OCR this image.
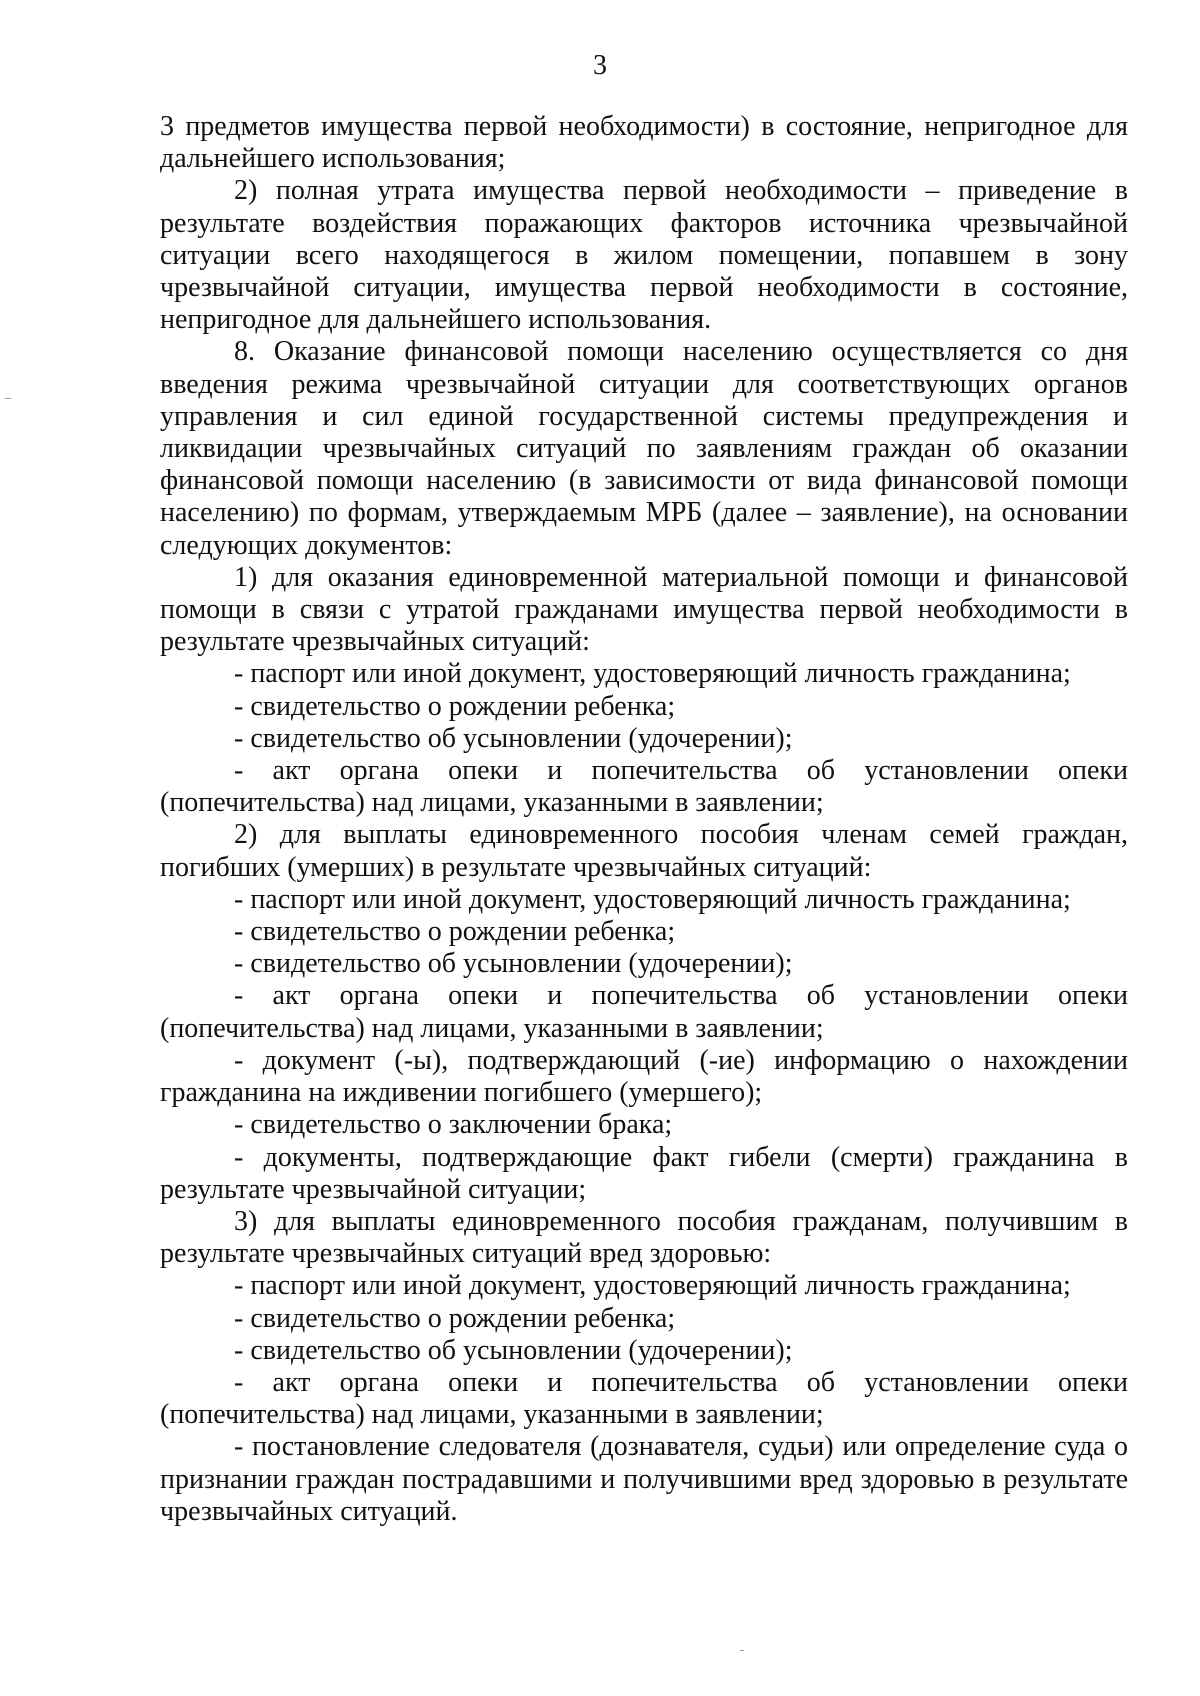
3

3 предметов имущества первой необходимости) в состояние, непригодное для дальнейшего использования;

2) полная утрата имущества первой необходимости – приведение в результате воздействия поражающих факторов источника чрезвычайной ситуации всего находящегося в жилом помещении, попавшем в зону чрезвычайной ситуации, имущества первой необходимости в состояние, непригодное для дальнейшего использования.

8. Оказание финансовой помощи населению осуществляется со дня введения режима чрезвычайной ситуации для соответствующих органов управления и сил единой государственной системы предупреждения и ликвидации чрезвычайных ситуаций по заявлениям граждан об оказании финансовой помощи населению (в зависимости от вида финансовой помощи населению) по формам, утверждаемым МРБ (далее – заявление), на основании следующих документов:

1) для оказания единовременной материальной помощи и финансовой помощи в связи с утратой гражданами имущества первой необходимости в результате чрезвычайных ситуаций:

- паспорт или иной документ, удостоверяющий личность гражданина;

- свидетельство о рождении ребенка;

- свидетельство об усыновлении (удочерении);

- акт органа опеки и попечительства об установлении опеки (попечительства) над лицами, указанными в заявлении;

2) для выплаты единовременного пособия членам семей граждан, погибших (умерших) в результате чрезвычайных ситуаций:

- паспорт или иной документ, удостоверяющий личность гражданина;

- свидетельство о рождении ребенка;

- свидетельство об усыновлении (удочерении);

- акт органа опеки и попечительства об установлении опеки (попечительства) над лицами, указанными в заявлении;

- документ (-ы), подтверждающий (-ие) информацию о нахождении гражданина на иждивении погибшего (умершего);

- свидетельство о заключении брака;

- документы, подтверждающие факт гибели (смерти) гражданина в результате чрезвычайной ситуации;

3) для выплаты единовременного пособия гражданам, получившим в результате чрезвычайных ситуаций вред здоровью:

- паспорт или иной документ, удостоверяющий личность гражданина;

- свидетельство о рождении ребенка;

- свидетельство об усыновлении (удочерении);

- акт органа опеки и попечительства об установлении опеки (попечительства) над лицами, указанными в заявлении;

- постановление следователя (дознавателя, судьи) или определение суда о признании граждан пострадавшими и получившими вред здоровью в результате чрезвычайных ситуаций.
